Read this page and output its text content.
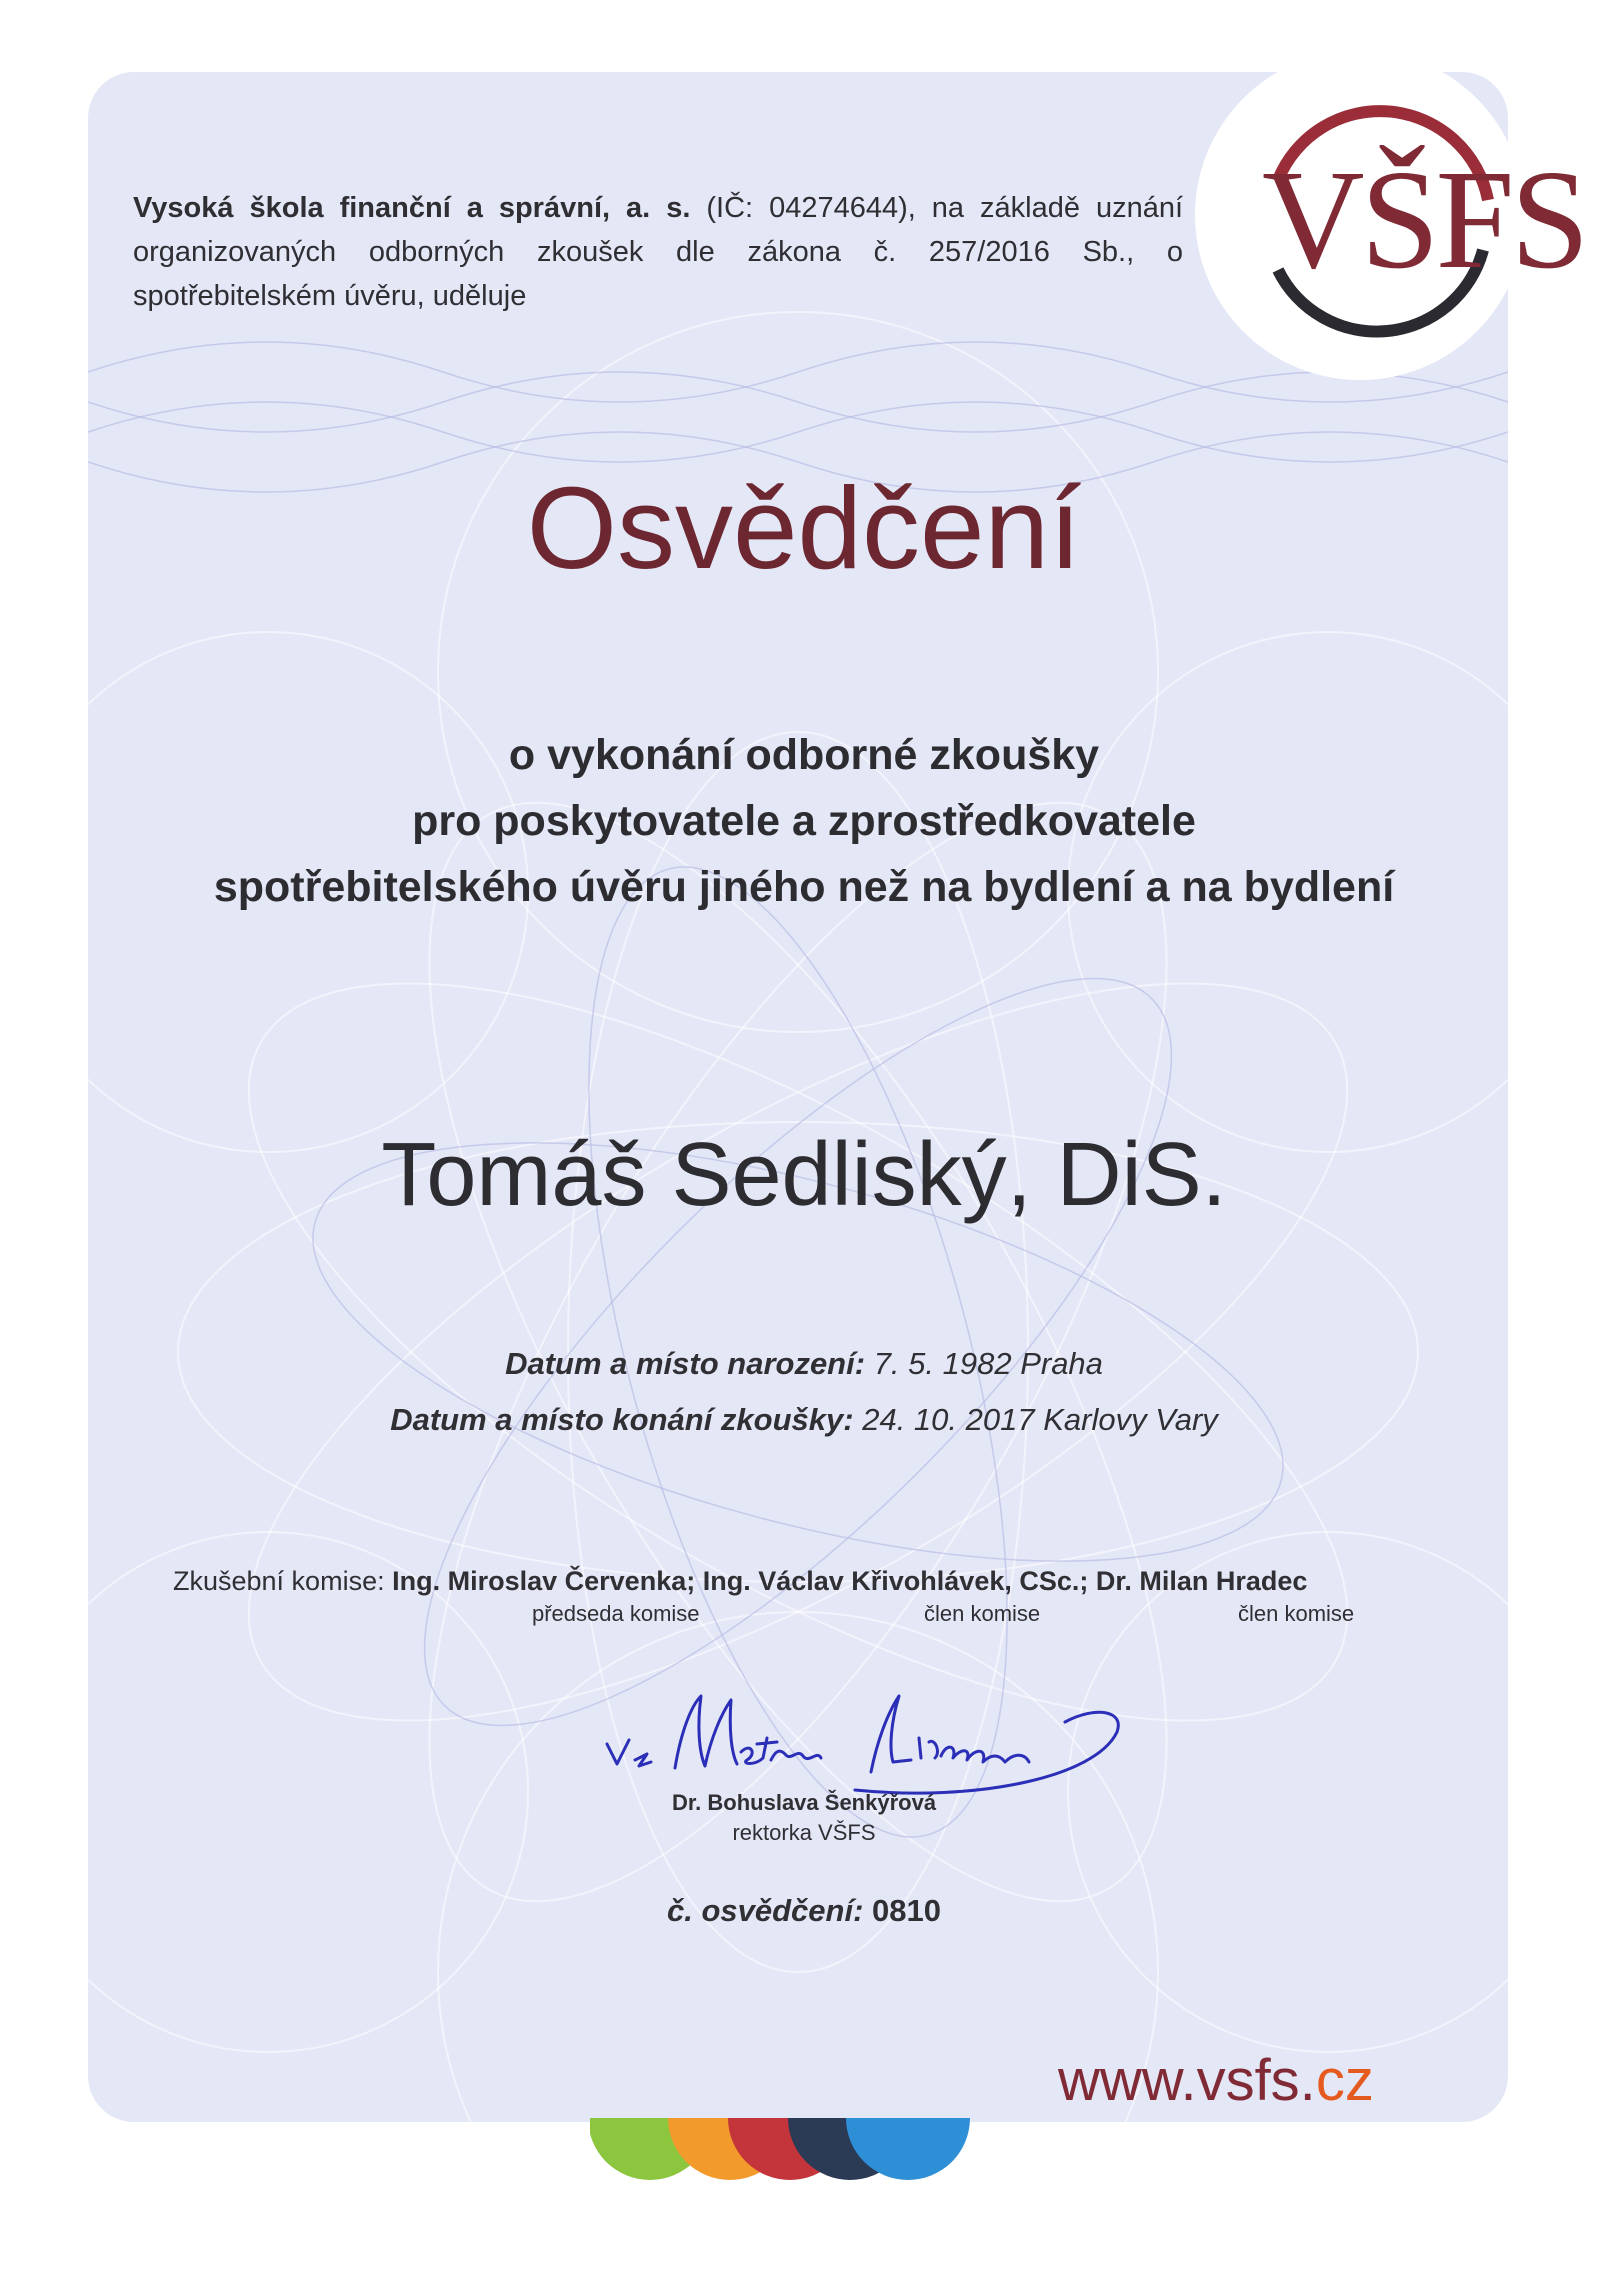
VŠFS
Vysoká škola finanční a správní, a. s. (IČ: 04274644), na základě uznání organizovaných odborných zkoušek dle zákona č. 257/2016 Sb., o spotřebitelském úvěru, uděluje
Osvědčení
o vykonání odborné zkoušky
pro poskytovatele a zprostředkovatele
spotřebitelského úvěru jiného než na bydlení a na bydlení
Tomáš Sedliský, DiS.
Datum a místo narození: 7. 5. 1982 Praha
Datum a místo konání zkoušky: 24. 10. 2017 Karlovy Vary
Zkušební komise: Ing. Miroslav Červenka; Ing. Václav Křivohlávek, CSc.; Dr. Milan Hradec
předseda komise	člen komise	člen komise
Dr. Bohuslava Šenkýřová
rektorka VŠFS
č. osvědčení: 0810
www.vsfs.cz
